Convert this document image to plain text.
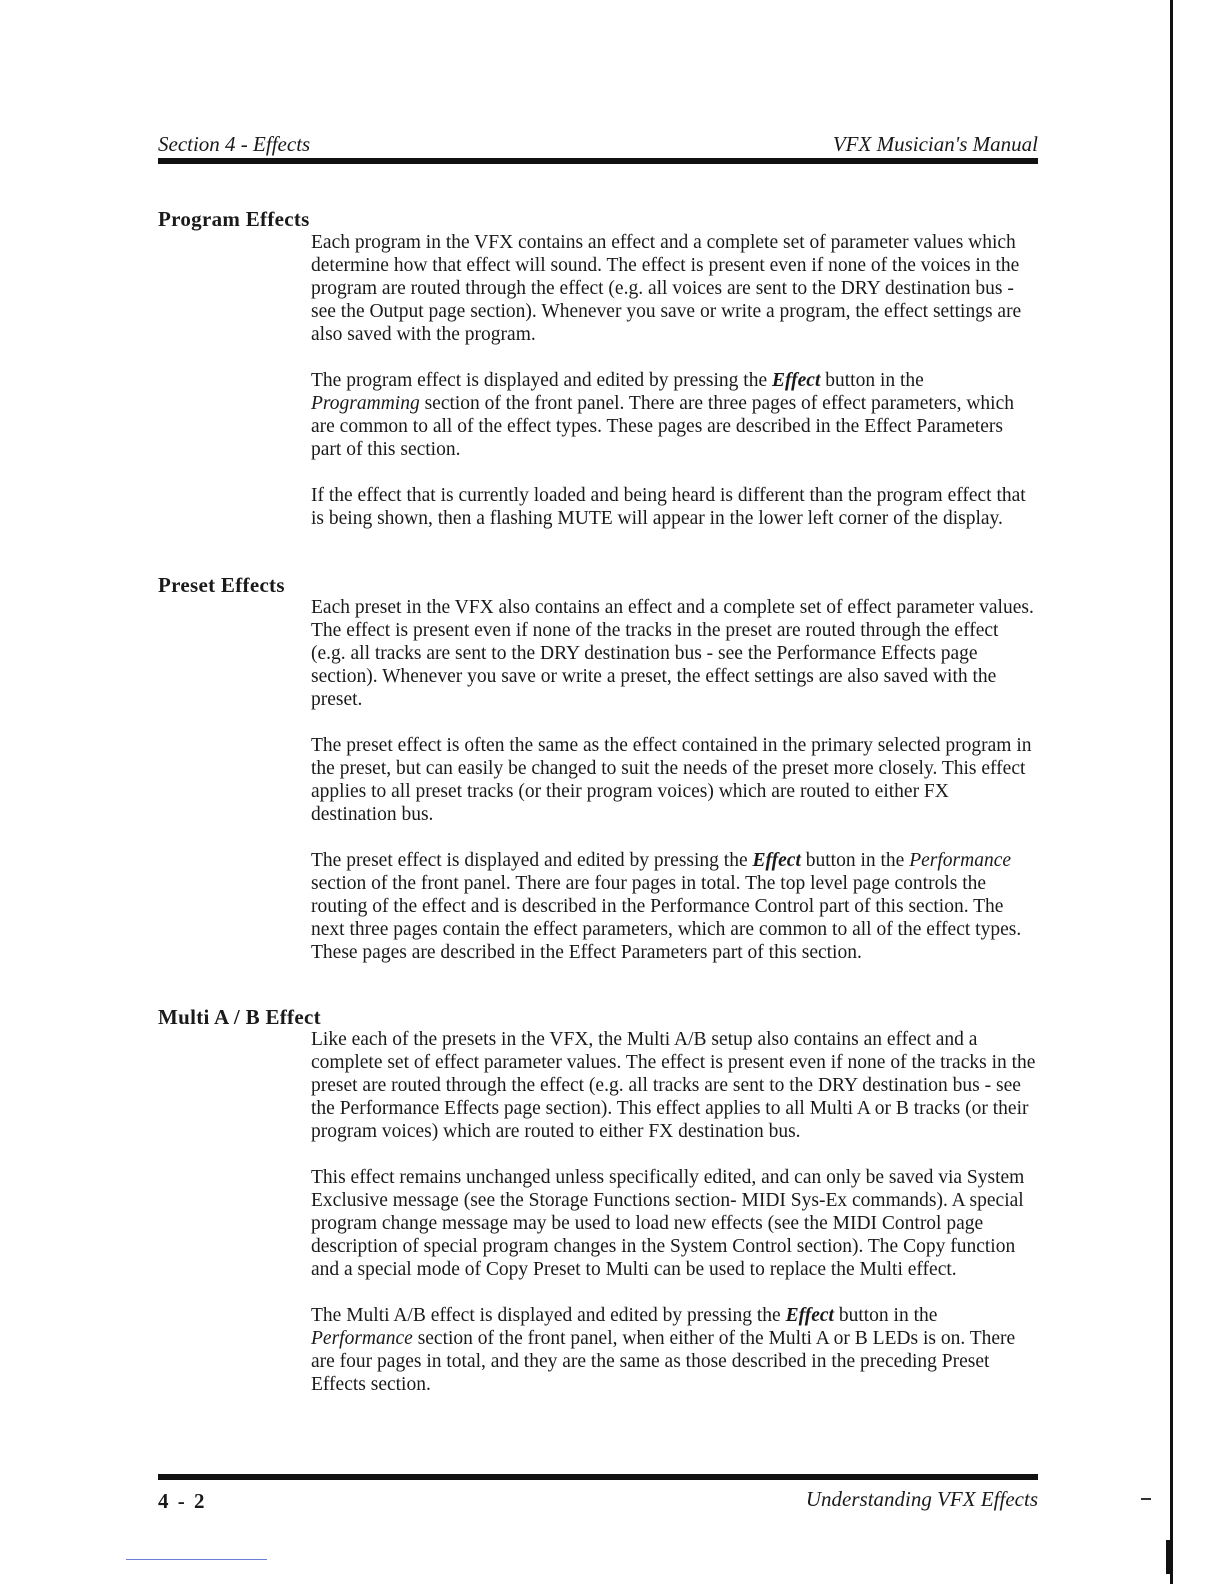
Section 4 - Effects	VFX Musician's Manual
Program Effects

Each program in the VFX contains an effect and a complete set of parameter values which determine how that effect will sound. The effect is present even if none of the voices in the program are routed through the effect (e.g. all voices are sent to the DRY destination bus - see the Output page section). Whenever you save or write a program, the effect settings are also saved with the program.

The program effect is displayed and edited by pressing the Effect button in the Programming section of the front panel. There are three pages of effect parameters, which are common to all of the effect types. These pages are described in the Effect Parameters part of this section.

If the effect that is currently loaded and being heard is different than the program effect that is being shown, then a flashing MUTE will appear in the lower left corner of the display.

Preset Effects

Each preset in the VFX also contains an effect and a complete set of effect parameter values. The effect is present even if none of the tracks in the preset are routed through the effect (e.g. all tracks are sent to the DRY destination bus - see the Performance Effects page section). Whenever you save or write a preset, the effect settings are also saved with the preset.

The preset effect is often the same as the effect contained in the primary selected program in the preset, but can easily be changed to suit the needs of the preset more closely. This effect applies to all preset tracks (or their program voices) which are routed to either FX destination bus.

The preset effect is displayed and edited by pressing the Effect button in the Performance section of the front panel. There are four pages in total. The top level page controls the routing of the effect and is described in the Performance Control part of this section. The next three pages contain the effect parameters, which are common to all of the effect types. These pages are described in the Effect Parameters part of this section.

Multi A / B Effect

Like each of the presets in the VFX, the Multi A/B setup also contains an effect and a complete set of effect parameter values. The effect is present even if none of the tracks in the preset are routed through the effect (e.g. all tracks are sent to the DRY destination bus - see the Performance Effects page section). This effect applies to all Multi A or B tracks (or their program voices) which are routed to either FX destination bus.

This effect remains unchanged unless specifically edited, and can only be saved via System Exclusive message (see the Storage Functions section- MIDI Sys-Ex commands). A special program change message may be used to load new effects (see the MIDI Control page description of special program changes in the System Control section). The Copy function and a special mode of Copy Preset to Multi can be used to replace the Multi effect.

The Multi A/B effect is displayed and edited by pressing the Effect button in the Performance section of the front panel, when either of the Multi A or B LEDs is on. There are four pages in total, and they are the same as those described in the preceding Preset Effects section.

4 - 2	Understanding VFX Effects
